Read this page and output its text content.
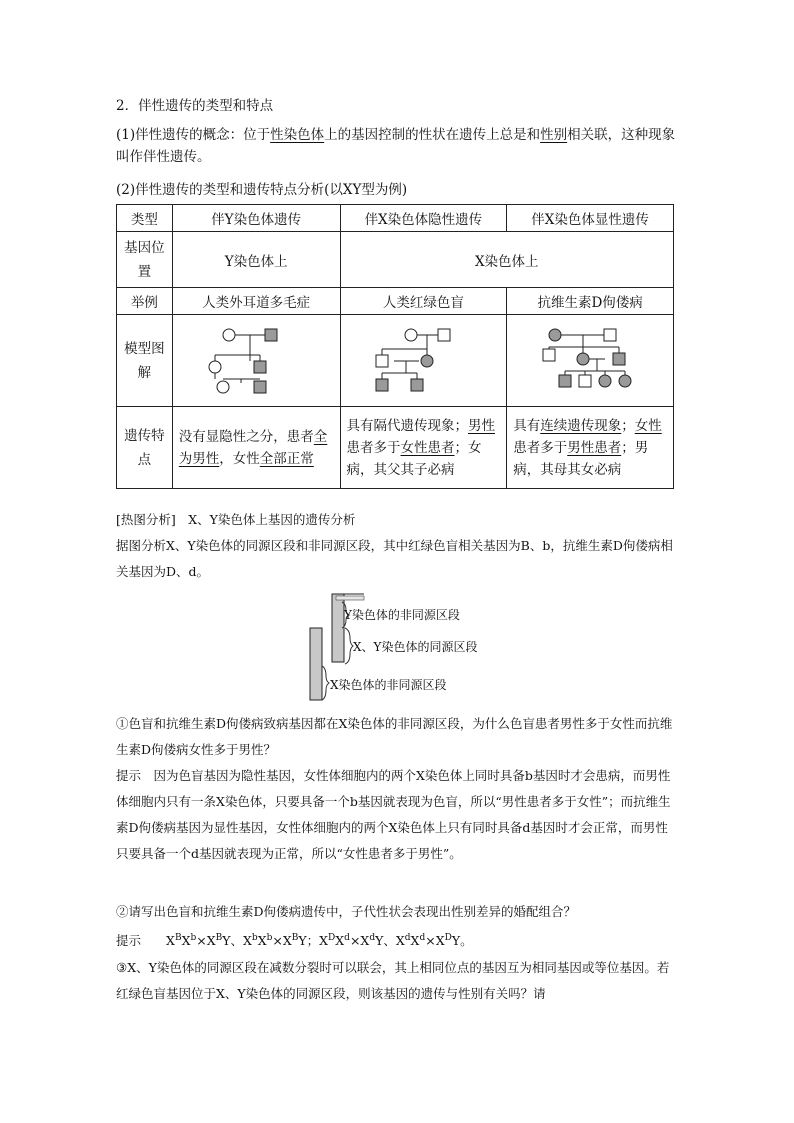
2．伴性遗传的类型和特点
(1)伴性遗传的概念：位于性染色体上的基因控制的性状在遗传上总是和性别相关联，这种现象叫作伴性遗传。
(2)伴性遗传的类型和遗传特点分析(以XY型为例)
类型	伴Y染色体遗传	伴X染色体隐性遗传	伴X染色体显性遗传
基因位置	Y染色体上	X染色体上	
举例	人类外耳道多毛症	人类红绿色盲	抗维生素D佝偻病
模型图解	

遗传特点	没有显隐性之分，患者全为男性，女性全部正常	具有隔代遗传现象；男性患者多于女性患者；女病，其父其子必病	具有连续遗传现象；女性患者多于男性患者；男病，其母其女必病
[热图分析]　X、Y染色体上基因的遗传分析
据图分析X、Y染色体的同源区段和非同源区段，其中红绿色盲相关基因为B、b，抗维生素D佝偻病相关基因为D、d。
Y染色体的非同源区段
X、Y染色体的同源区段
X染色体的非同源区段
①色盲和抗维生素D佝偻病致病基因都在X染色体的非同源区段，为什么色盲患者男性多于女性而抗维生素D佝偻病女性多于男性？
提示　因为色盲基因为隐性基因，女性体细胞内的两个X染色体上同时具备b基因时才会患病，而男性体细胞内只有一条X染色体，只要具备一个b基因就表现为色盲，所以“男性患者多于女性”；而抗维生素D佝偻病基因为显性基因，女性体细胞内的两个X染色体上只有同时具备d基因时才会正常，而男性只要具备一个d基因就表现为正常，所以“女性患者多于男性”。
②请写出色盲和抗维生素D佝偻病遗传中，子代性状会表现出性别差异的婚配组合？
提示　　 $X^BX^b\times X^BY$、$X^bX^b\times X^BY$；$X^DX^d\times X^dY$、$X^dX^d\times X^DY$。
③X、Y染色体的同源区段在减数分裂时可以联会，其上相同位点的基因互为相同基因或等位基因。若红绿色盲基因位于X、Y染色体的同源区段，则该基因的遗传与性别有关吗？请
